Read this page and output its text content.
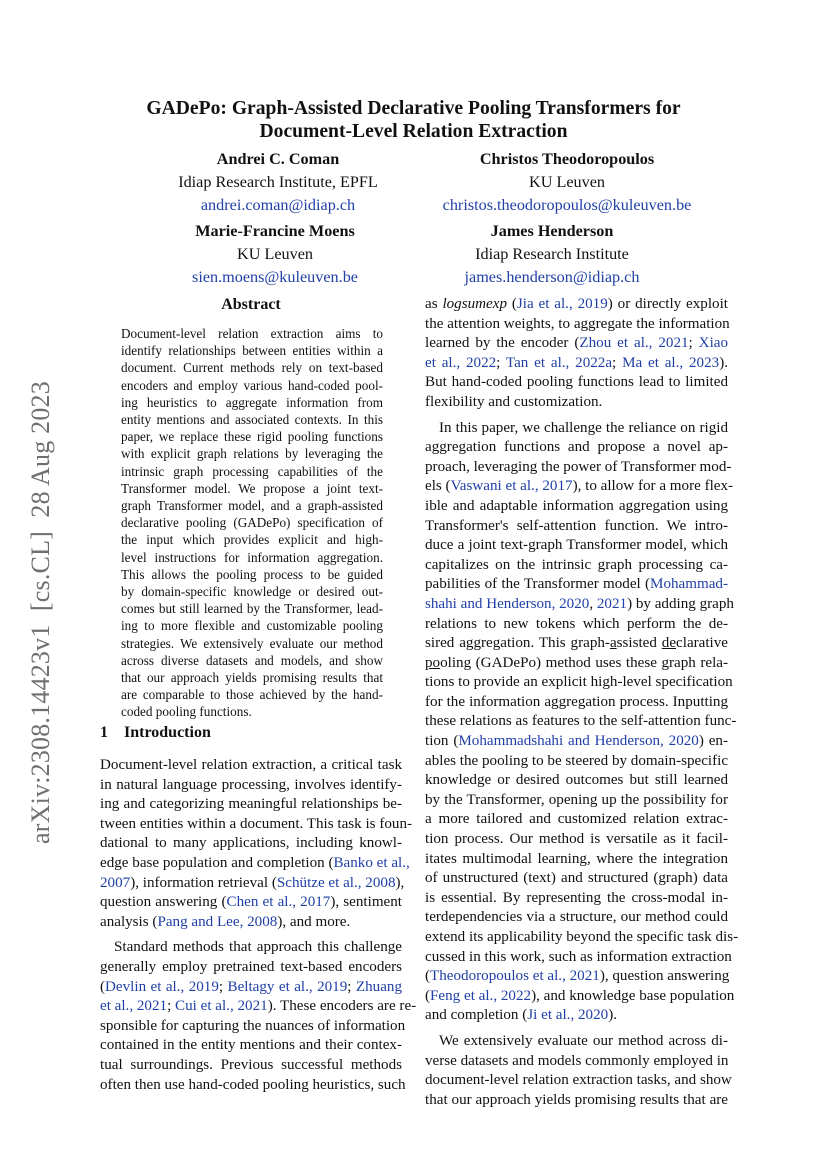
arXiv:2308.14423v1  [cs.CL]  28 Aug 2023
GADePo: Graph-Assisted Declarative Pooling Transformers for
Document-Level Relation Extraction
Andrei C. Coman
Idiap Research Institute, EPFL
andrei.coman@idiap.ch
Christos Theodoropoulos
KU Leuven
christos.theodoropoulos@kuleuven.be
Marie-Francine Moens
KU Leuven
sien.moens@kuleuven.be
James Henderson
Idiap Research Institute
james.henderson@idiap.ch
Abstract
Document-level relation extraction aims to
identify relationships between entities within a
document. Current methods rely on text-based
encoders and employ various hand-coded pool-
ing heuristics to aggregate information from
entity mentions and associated contexts. In this
paper, we replace these rigid pooling functions
with explicit graph relations by leveraging the
intrinsic graph processing capabilities of the
Transformer model. We propose a joint text-
graph Transformer model, and a graph-assisted
declarative pooling (GADePo) specification of
the input which provides explicit and high-
level instructions for information aggregation.
This allows the pooling process to be guided
by domain-specific knowledge or desired out-
comes but still learned by the Transformer, lead-
ing to more flexible and customizable pooling
strategies. We extensively evaluate our method
across diverse datasets and models, and show
that our approach yields promising results that
are comparable to those achieved by the hand-
coded pooling functions.
1 Introduction
Document-level relation extraction, a critical task
in natural language processing, involves identify-
ing and categorizing meaningful relationships be-
tween entities within a document. This task is foun-
dational to many applications, including knowl-
edge base population and completion (Banko et al.,
2007), information retrieval (Schütze et al., 2008),
question answering (Chen et al., 2017), sentiment
analysis (Pang and Lee, 2008), and more.
Standard methods that approach this challenge
generally employ pretrained text-based encoders
(Devlin et al., 2019; Beltagy et al., 2019; Zhuang
et al., 2021; Cui et al., 2021). These encoders are re-
sponsible for capturing the nuances of information
contained in the entity mentions and their contex-
tual surroundings. Previous successful methods
often then use hand-coded pooling heuristics, such
as logsumexp (Jia et al., 2019) or directly exploit
the attention weights, to aggregate the information
learned by the encoder (Zhou et al., 2021; Xiao
et al., 2022; Tan et al., 2022a; Ma et al., 2023).
But hand-coded pooling functions lead to limited
flexibility and customization.
In this paper, we challenge the reliance on rigid
aggregation functions and propose a novel ap-
proach, leveraging the power of Transformer mod-
els (Vaswani et al., 2017), to allow for a more flex-
ible and adaptable information aggregation using
Transformer's self-attention function. We intro-
duce a joint text-graph Transformer model, which
capitalizes on the intrinsic graph processing ca-
pabilities of the Transformer model (Mohammad-
shahi and Henderson, 2020, 2021) by adding graph
relations to new tokens which perform the de-
sired aggregation. This graph-assisted declarative
pooling (GADePo) method uses these graph rela-
tions to provide an explicit high-level specification
for the information aggregation process. Inputting
these relations as features to the self-attention func-
tion (Mohammadshahi and Henderson, 2020) en-
ables the pooling to be steered by domain-specific
knowledge or desired outcomes but still learned
by the Transformer, opening up the possibility for
a more tailored and customized relation extrac-
tion process. Our method is versatile as it facil-
itates multimodal learning, where the integration
of unstructured (text) and structured (graph) data
is essential. By representing the cross-modal in-
terdependencies via a structure, our method could
extend its applicability beyond the specific task dis-
cussed in this work, such as information extraction
(Theodoropoulos et al., 2021), question answering
(Feng et al., 2022), and knowledge base population
and completion (Ji et al., 2020).
We extensively evaluate our method across di-
verse datasets and models commonly employed in
document-level relation extraction tasks, and show
that our approach yields promising results that are
